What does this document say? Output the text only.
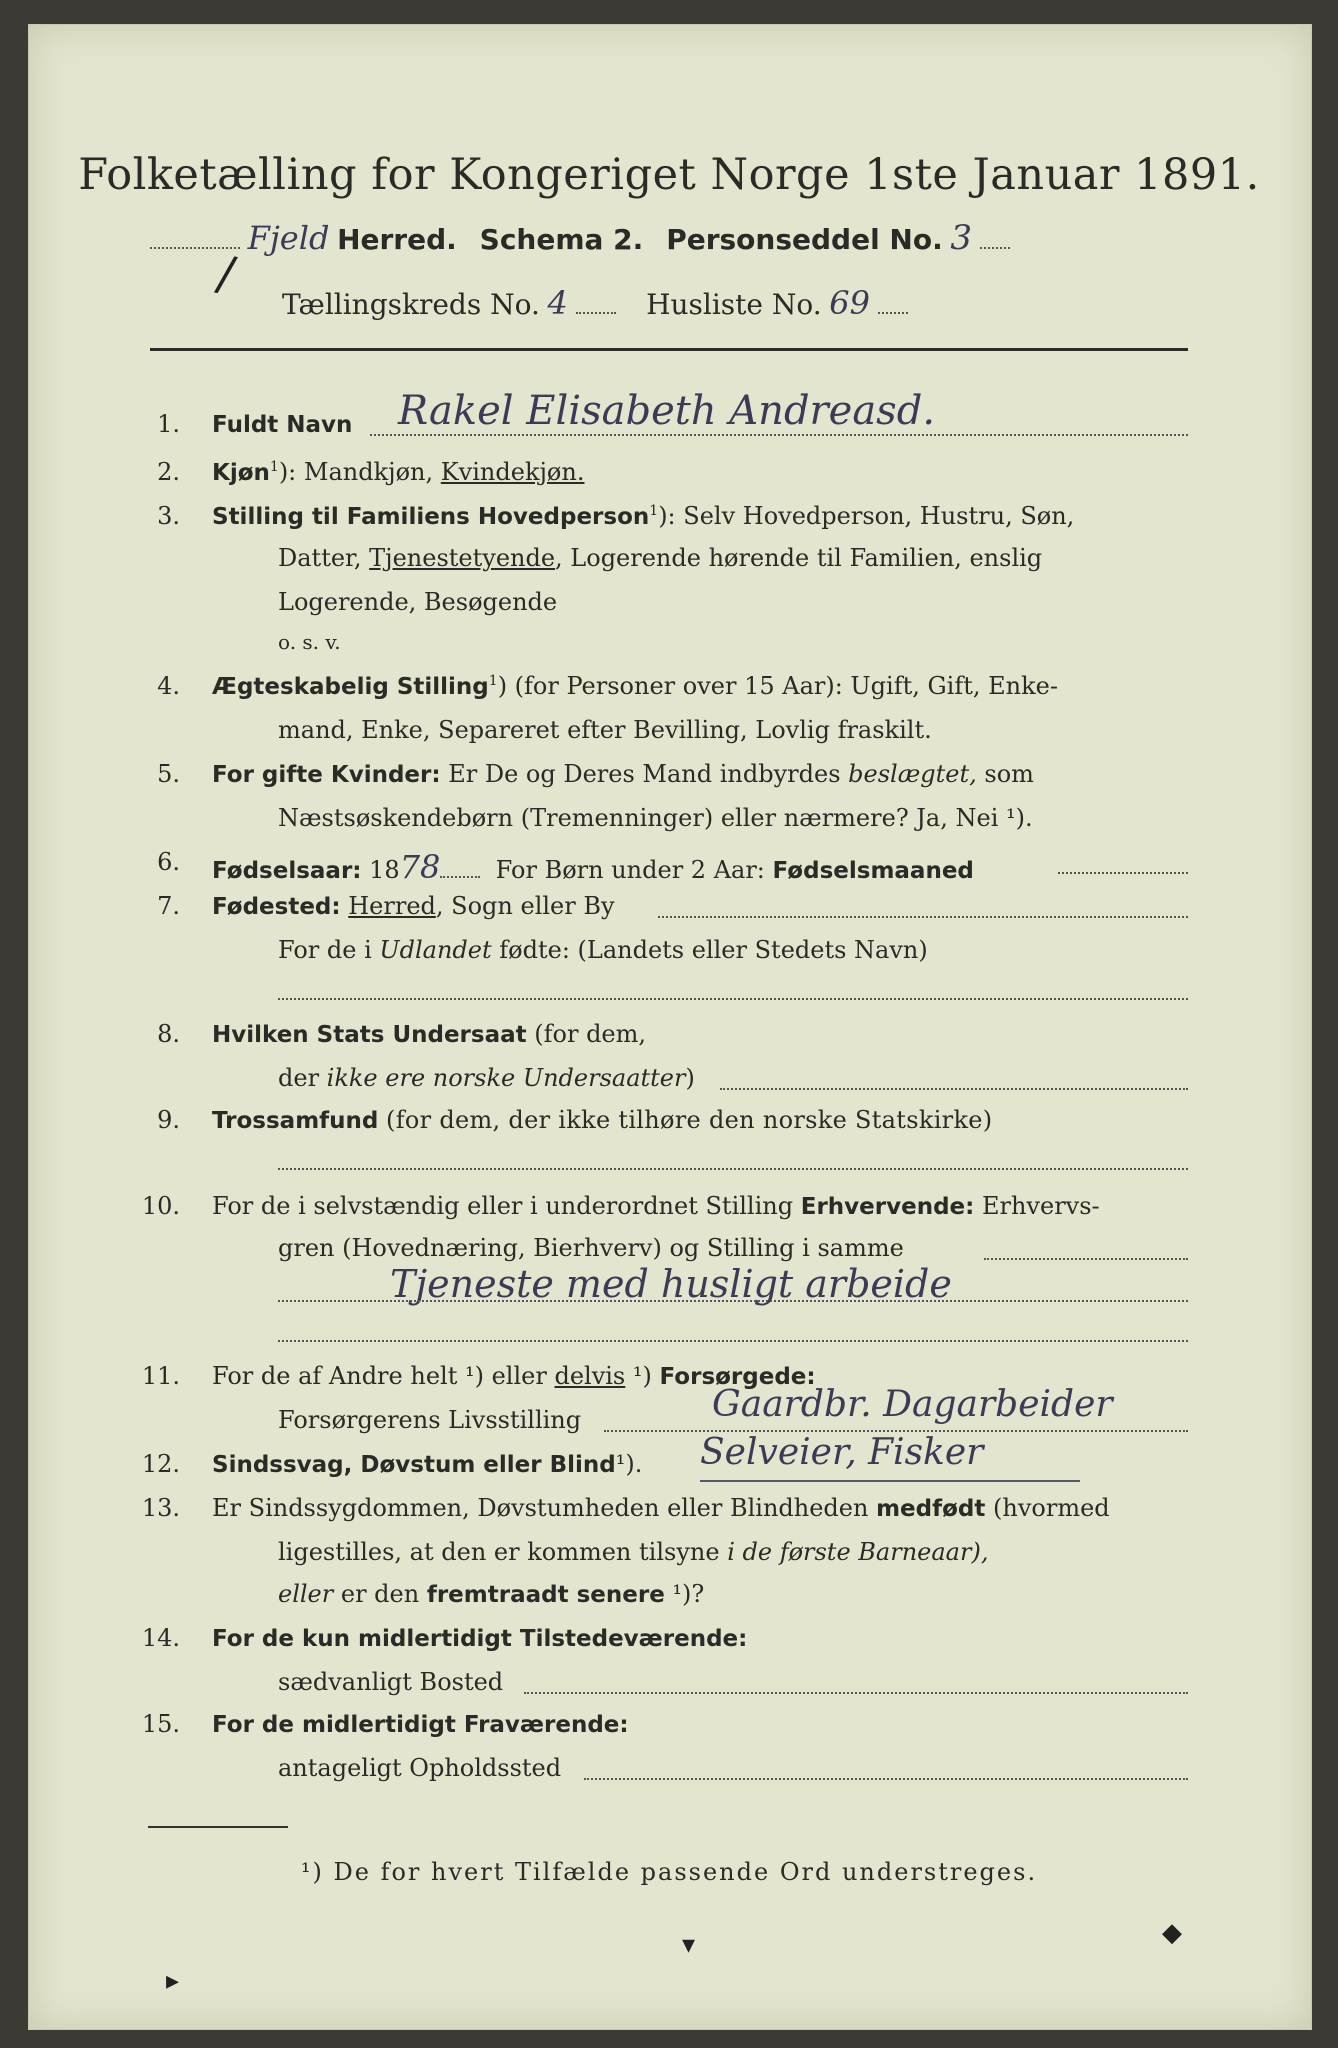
Folketælling for Kongeriget Norge 1ste Januar 1891.
Fjeld Herred. Schema 2. Personseddel No. 3
Tællingskreds No. 4	Husliste No. 69
/
1. Fuldt Navn Rakel Elisabeth Andreasd.
2. Kjøn$^1$): Mandkjøn, Kvindekjøn.
3. Stilling til Familiens Hovedperson$^1$): Selv Hovedperson, Hustru, Søn,
Datter, Tjenestetyende, Logerende hørende til Familien, enslig
Logerende, Besøgende
o. s. v.
4. Ægteskabelig Stilling$^1$) (for Personer over 15 Aar): Ugift, Gift, Enke-
mand, Enke, Separeret efter Bevilling, Lovlig fraskilt.
5. For gifte Kvinder: Er De og Deres Mand indbyrdes beslægtet, som
Næstsøskendebørn (Tremenninger) eller nærmere? Ja, Nei ¹).
6. Fødselsaar: 1878 For Børn under 2 Aar: Fødselsmaaned
7. Fødested: Herred, Sogn eller By
For de i Udlandet fødte: (Landets eller Stedets Navn)
8. Hvilken Stats Undersaat (for dem,
der ikke ere norske Undersaatter)
9. Trossamfund (for dem, der ikke tilhøre den norske Statskirke)
10. For de i selvstændig eller i underordnet Stilling Erhvervende: Erhvervs-
gren (Hovednæring, Bierhverv) og Stilling i samme
Tjeneste med husligt arbeide
11. For de af Andre helt ¹) eller delvis ¹) Forsørgede:
Forsørgerens Livsstilling	Gaardbr. Dagarbeider
12. Sindssvag, Døvstum eller Blind¹). Selveier, Fisker
13. Er Sindssygdommen, Døvstumheden eller Blindheden medfødt (hvormed
ligestilles, at den er kommen tilsyne i de første Barneaar),
eller er den fremtraadt senere ¹)?
14. For de kun midlertidigt Tilstedeværende:
sædvanligt Bosted
15. For de midlertidigt Fraværende:
antageligt Opholdssted
¹) De for hvert Tilfælde passende Ord understreges.
▾	◆
▸
